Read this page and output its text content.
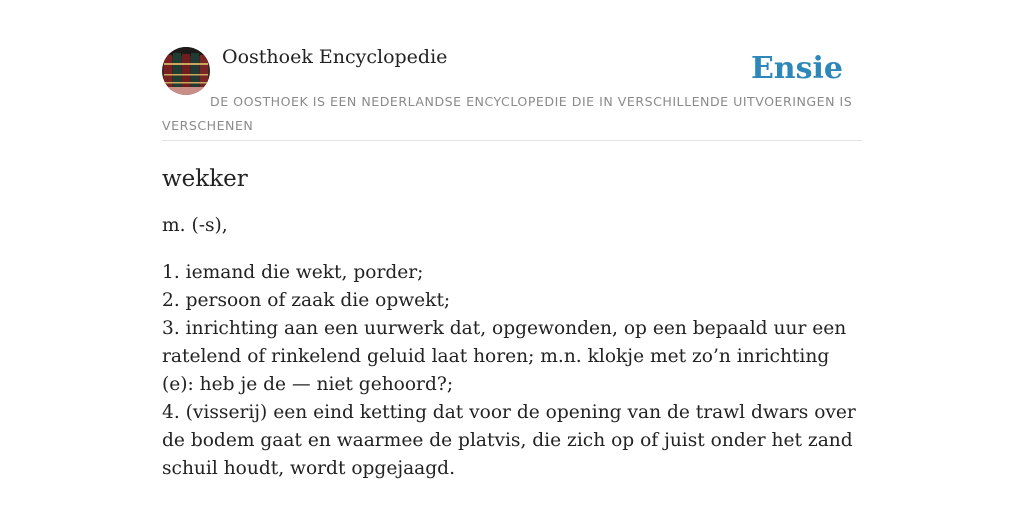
Oosthoek Encyclopedie	Ensie

DE OOSTHOEK IS EEN NEDERLANDSE ENCYCLOPEDIE DIE IN VERSCHILLENDE UITVOERINGEN IS VERSCHENEN

wekker

m. (-s),

1. iemand die wekt, porder;
2. persoon of zaak die opwekt;
3. inrichting aan een uurwerk dat, opgewonden, op een bepaald uur een ratelend of rinkelend geluid laat horen; m.n. klokje met zo’n inrichting (e): heb je de — niet gehoord?;
4. (visserij) een eind ketting dat voor de opening van de trawl dwars over de bodem gaat en waarmee de platvis, die zich op of juist onder het zand schuil houdt, wordt opgejaagd.
